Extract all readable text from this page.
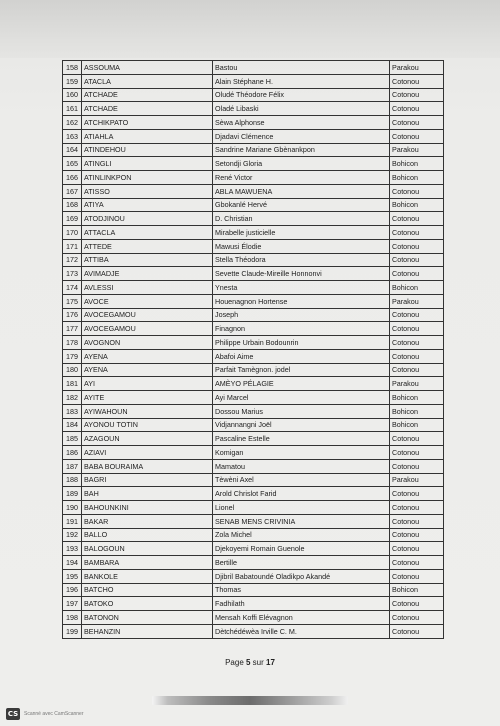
158	ASSOUMA	Bastou	Parakou
159	ATACLA	Alain Stéphane H.	Cotonou
160	ATCHADE	Oludé Théodore Félix	Cotonou
161	ATCHADE	Oladé Libaski	Cotonou
162	ATCHIKPATO	Sèwa Alphonse	Cotonou
163	ATIAHLA	Djadavi Clémence	Cotonou
164	ATINDEHOU	Sandrine Mariane Gbènankpon	Parakou
165	ATINGLI	Setondji Gloria	Bohicon
166	ATINLINKPON	René Victor	Bohicon
167	ATISSO	ABLA MAWUENA	Cotonou
168	ATIYA	Gbokanlé Hervé	Bohicon
169	ATODJINOU	D. Christian	Cotonou
170	ATTACLA	Mirabelle justicielle	Cotonou
171	ATTEDE	Mawusi Élodie	Cotonou
172	ATTIBA	Stella Théodora	Cotonou
173	AVIMADJE	Sevette Claude-Mireille Honnonvi	Cotonou
174	AVLESSI	Ynesta	Bohicon
175	AVOCE	Houenagnon Hortense	Parakou
176	AVOCEGAMOU	Joseph	Cotonou
177	AVOCEGAMOU	Finagnon	Cotonou
178	AVOGNON	Philippe Urbain Bodounrin	Cotonou
179	AYENA	Abafoi Aime	Cotonou
180	AYENA	Parfait Tamègnon. jodel	Cotonou
181	AYI	AMÈYO PÉLAGIE	Parakou
182	AYITE	Ayi Marcel	Bohicon
183	AYIWAHOUN	Dossou Marius	Bohicon
184	AYONOU TOTIN	Vidjannangni Joël	Bohicon
185	AZAGOUN	Pascaline Estelle	Cotonou
186	AZIAVI	Komigan	Cotonou
187	BABA BOURAIMA	Mamatou	Cotonou
188	BAGRI	Tèwèni Axel	Parakou
189	BAH	Arold Chrislot Farid	Cotonou
190	BAHOUNKINI	Lionel	Cotonou
191	BAKAR	SENAB MENS CRIVINIA	Cotonou
192	BALLO	Zola Michel	Cotonou
193	BALOGOUN	Djekoyemi Romain Guenole	Cotonou
194	BAMBARA	Bertille	Cotonou
195	BANKOLE	Djibril Babatoundé Oladikpo Akandé	Cotonou
196	BATCHO	Thomas	Bohicon
197	BATOKO	Fadhilath	Cotonou
198	BATONON	Mensah Koffi Elévagnon	Cotonou
199	BEHANZIN	Dètchédéwèa Irville C. M.	Cotonou
Page 5 sur 17
CS	Scanné avec CamScanner
